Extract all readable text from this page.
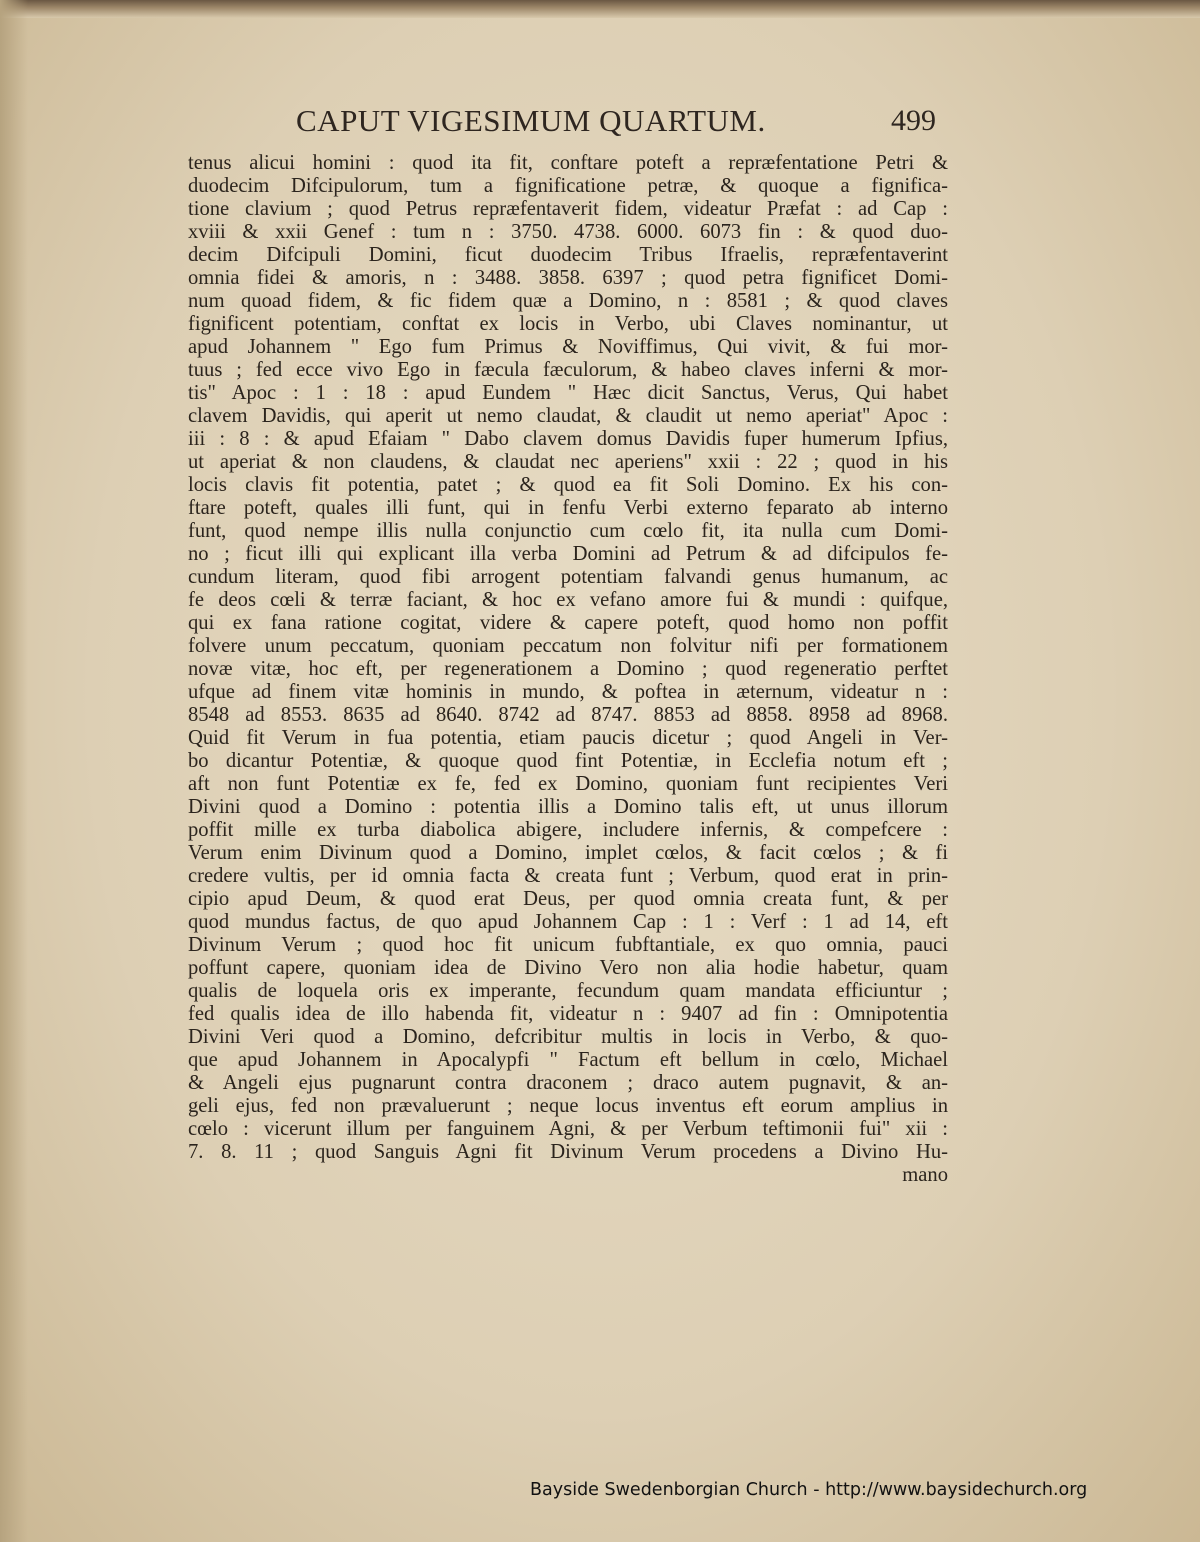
CAPUT VIGESIMUM QUARTUM.	499
tenus alicui homini : quod ita fit, conftare poteft a repræfentatione Petri &
duodecim Difcipulorum, tum a fignificatione petræ, & quoque a fignifica-
tione clavium ; quod Petrus repræfentaverit fidem, videatur Præfat : ad Cap :
xviii & xxii Genef : tum n : 3750. 4738. 6000. 6073 fin : & quod duo-
decim Difcipuli Domini, ficut duodecim Tribus Ifraelis, repræfentaverint
omnia fidei & amoris, n : 3488. 3858. 6397 ; quod petra fignificet Domi-
num quoad fidem, & fic fidem quæ a Domino, n : 8581 ; & quod claves
fignificent potentiam, conftat ex locis in Verbo, ubi Claves nominantur, ut
apud Johannem " Ego fum Primus & Noviffimus, Qui vivit, & fui mor-
tuus ; fed ecce vivo Ego in fæcula fæculorum, & habeo claves inferni & mor-
tis" Apoc : 1 : 18 : apud Eundem " Hæc dicit Sanctus, Verus, Qui habet
clavem Davidis, qui aperit ut nemo claudat, & claudit ut nemo aperiat" Apoc :
iii : 8 : & apud Efaiam " Dabo clavem domus Davidis fuper humerum Ipfius,
ut aperiat & non claudens, & claudat nec aperiens" xxii : 22 ; quod in his
locis clavis fit potentia, patet ; & quod ea fit Soli Domino. Ex his con-
ftare poteft, quales illi funt, qui in fenfu Verbi externo feparato ab interno
funt, quod nempe illis nulla conjunctio cum cœlo fit, ita nulla cum Domi-
no ; ficut illi qui explicant illa verba Domini ad Petrum & ad difcipulos fe-
cundum literam, quod fibi arrogent potentiam falvandi genus humanum, ac
fe deos cœli & terræ faciant, & hoc ex vefano amore fui & mundi : quifque,
qui ex fana ratione cogitat, videre & capere poteft, quod homo non poffit
folvere unum peccatum, quoniam peccatum non folvitur nifi per formationem
novæ vitæ, hoc eft, per regenerationem a Domino ; quod regeneratio perftet
ufque ad finem vitæ hominis in mundo, & poftea in æternum, videatur n :
8548 ad 8553. 8635 ad 8640. 8742 ad 8747. 8853 ad 8858. 8958 ad 8968.
Quid fit Verum in fua potentia, etiam paucis dicetur ; quod Angeli in Ver-
bo dicantur Potentiæ, & quoque quod fint Potentiæ, in Ecclefia notum eft ;
aft non funt Potentiæ ex fe, fed ex Domino, quoniam funt recipientes Veri
Divini quod a Domino : potentia illis a Domino talis eft, ut unus illorum
poffit mille ex turba diabolica abigere, includere infernis, & compefcere :
Verum enim Divinum quod a Domino, implet cœlos, & facit cœlos ; & fi
credere vultis, per id omnia facta & creata funt ; Verbum, quod erat in prin-
cipio apud Deum, & quod erat Deus, per quod omnia creata funt, & per
quod mundus factus, de quo apud Johannem Cap : 1 : Verf : 1 ad 14, eft
Divinum Verum ; quod hoc fit unicum fubftantiale, ex quo omnia, pauci
poffunt capere, quoniam idea de Divino Vero non alia hodie habetur, quam
qualis de loquela oris ex imperante, fecundum quam mandata efficiuntur ;
fed qualis idea de illo habenda fit, videatur n : 9407 ad fin : Omnipotentia
Divini Veri quod a Domino, defcribitur multis in locis in Verbo, & quo-
que apud Johannem in Apocalypfi " Factum eft bellum in cœlo, Michael
& Angeli ejus pugnarunt contra draconem ; draco autem pugnavit, & an-
geli ejus, fed non prævaluerunt ; neque locus inventus eft eorum amplius in
cœlo : vicerunt illum per fanguinem Agni, & per Verbum teftimonii fui" xii :
7. 8. 11 ; quod Sanguis Agni fit Divinum Verum procedens a Divino Hu-
mano
Bayside Swedenborgian Church - http://www.baysidechurch.org
